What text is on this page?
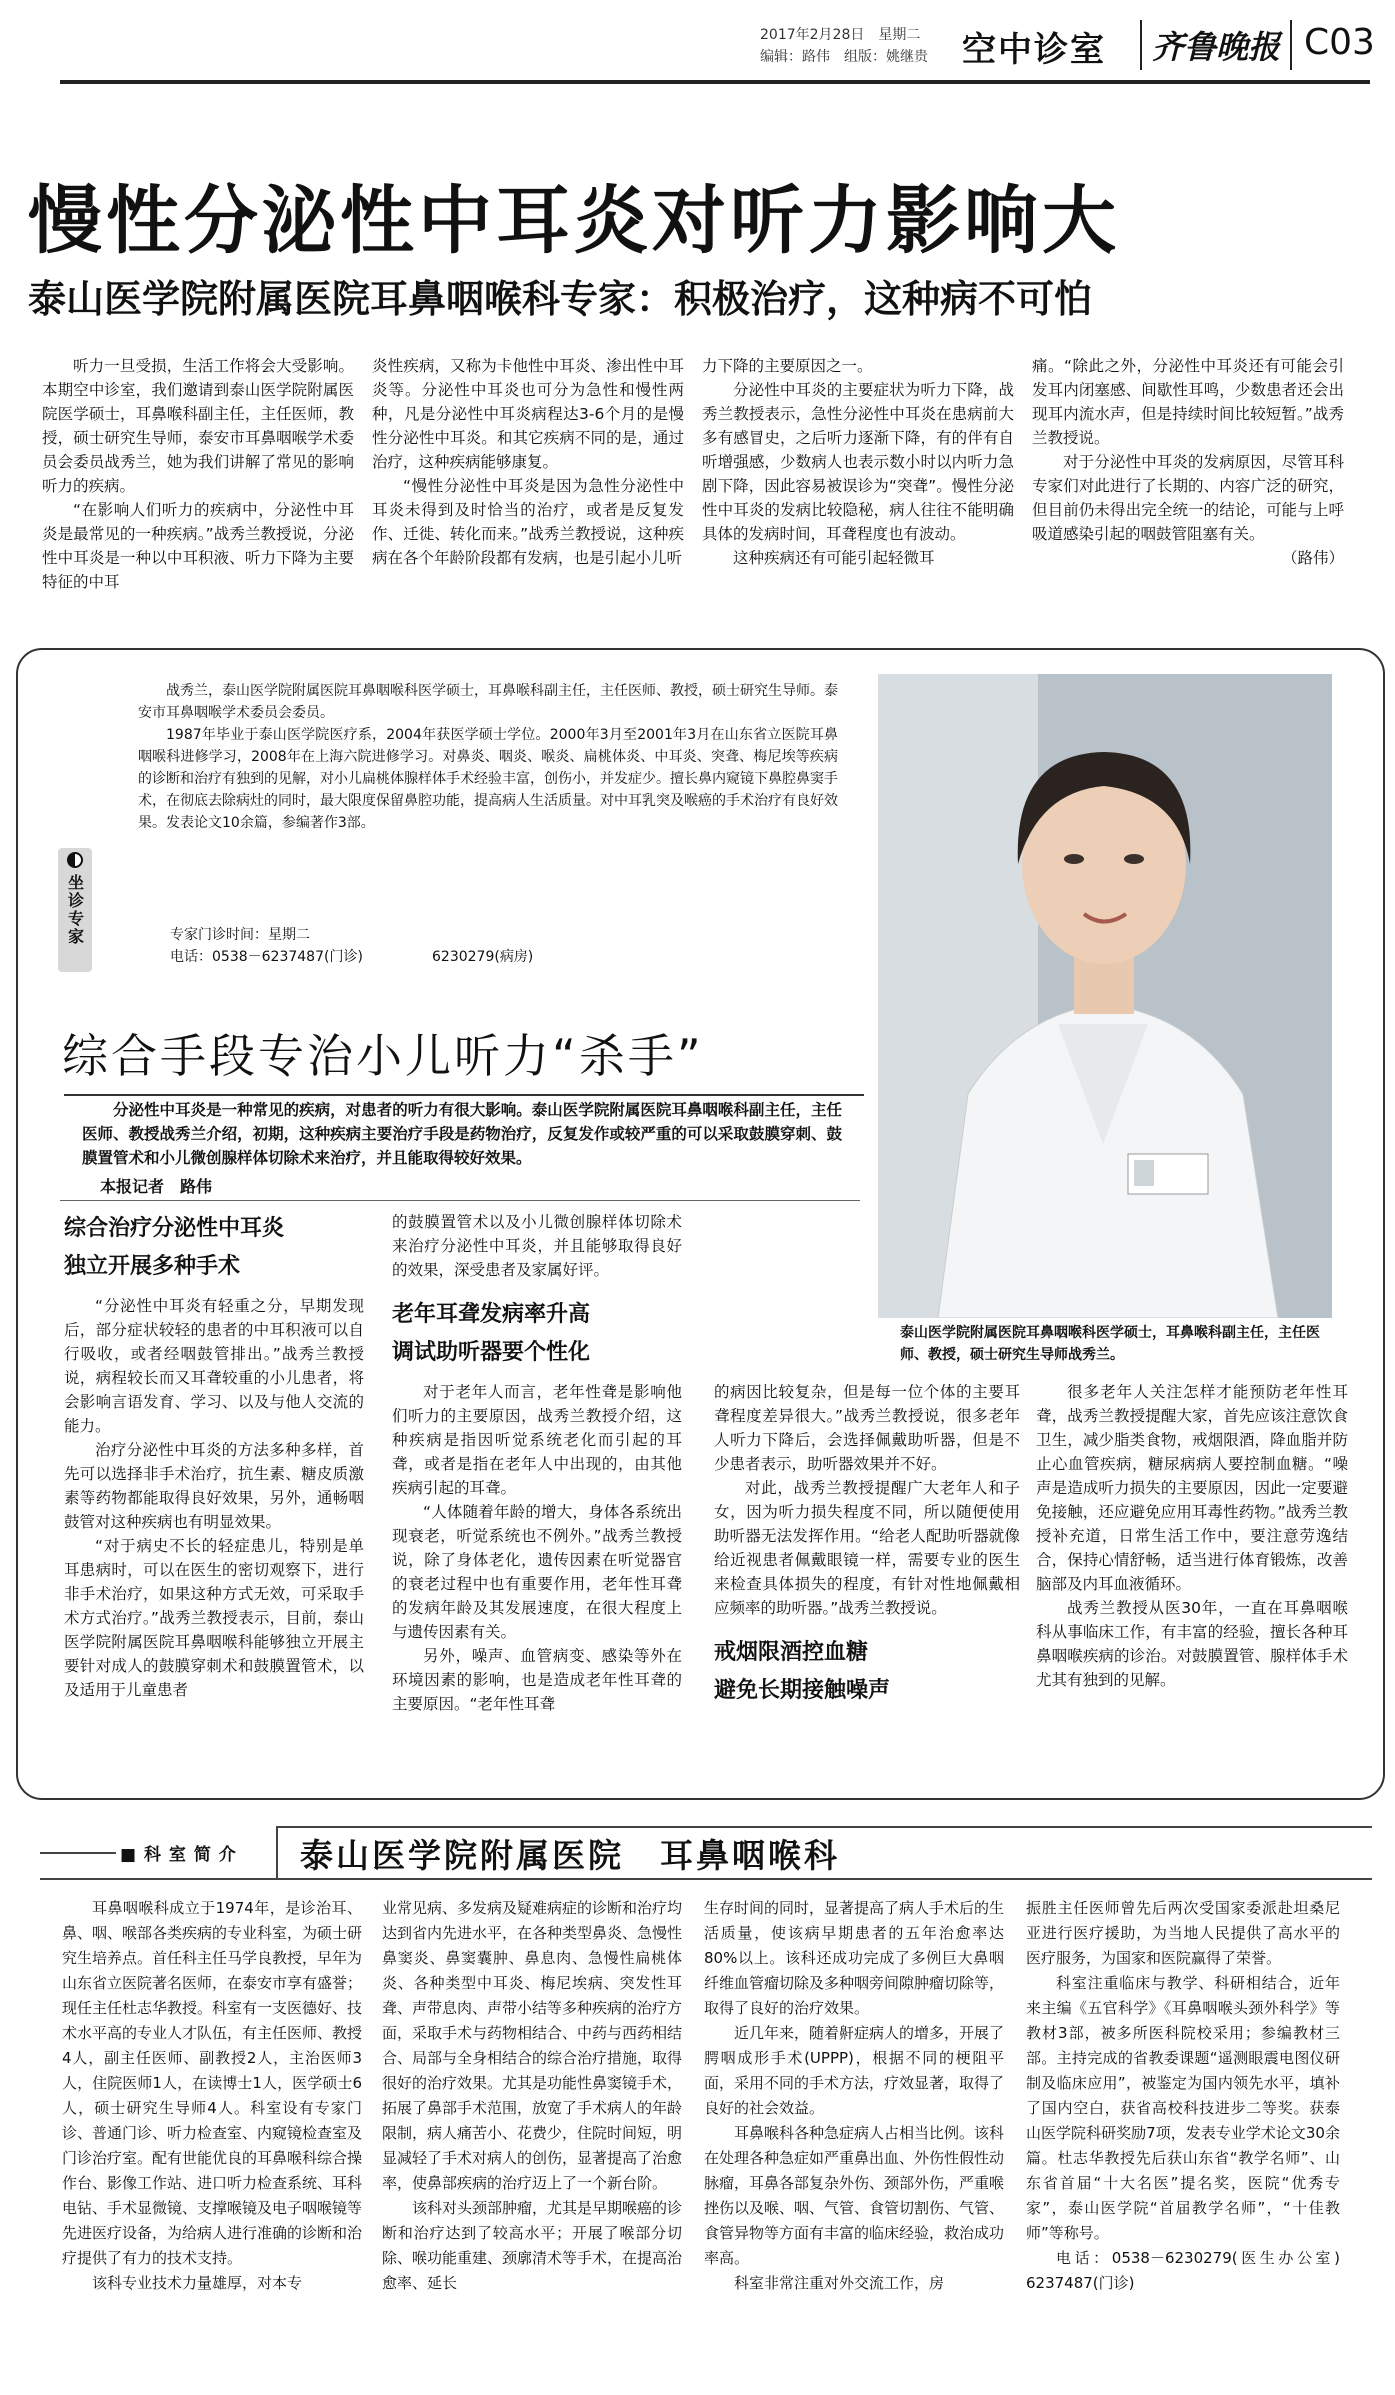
2017年2月28日　星期二
编辑：路伟　组版：姚继贵 空中诊室 齐鲁晚报 C03
慢性分泌性中耳炎对听力影响大
泰山医学院附属医院耳鼻咽喉科专家：积极治疗，这种病不可怕

听力一旦受损，生活工作将会大受影响。本期空中诊室，我们邀请到泰山医学院附属医院医学硕士，耳鼻喉科副主任，主任医师，教授，硕士研究生导师，泰安市耳鼻咽喉学术委员会委员战秀兰，她为我们讲解了常见的影响听力的疾病。

“在影响人们听力的疾病中，分泌性中耳炎是最常见的一种疾病。”战秀兰教授说，分泌性中耳炎是一种以中耳积液、听力下降为主要特征的中耳

炎性疾病，又称为卡他性中耳炎、渗出性中耳炎等。分泌性中耳炎也可分为急性和慢性两种，凡是分泌性中耳炎病程达3-6个月的是慢性分泌性中耳炎。和其它疾病不同的是，通过治疗，这种疾病能够康复。

“慢性分泌性中耳炎是因为急性分泌性中耳炎未得到及时恰当的治疗，或者是反复发作、迁徙、转化而来。”战秀兰教授说，这种疾病在各个年龄阶段都有发病，也是引起小儿听

力下降的主要原因之一。

分泌性中耳炎的主要症状为听力下降，战秀兰教授表示，急性分泌性中耳炎在患病前大多有感冒史，之后听力逐渐下降，有的伴有自听增强感，少数病人也表示数小时以内听力急剧下降，因此容易被误诊为“突聋”。慢性分泌性中耳炎的发病比较隐秘，病人往往不能明确具体的发病时间，耳聋程度也有波动。

这种疾病还有可能引起轻微耳

痛。“除此之外，分泌性中耳炎还有可能会引发耳内闭塞感、间歇性耳鸣，少数患者还会出现耳内流水声，但是持续时间比较短暂。”战秀兰教授说。

对于分泌性中耳炎的发病原因，尽管耳科专家们对此进行了长期的、内容广泛的研究，但目前仍未得出完全统一的结论，可能与上呼吸道感染引起的咽鼓管阻塞有关。

（路伟）
坐诊专家

战秀兰，泰山医学院附属医院耳鼻咽喉科医学硕士，耳鼻喉科副主任，主任医师、教授，硕士研究生导师。泰安市耳鼻咽喉学术委员会委员。

1987年毕业于泰山医学院医疗系，2004年获医学硕士学位。2000年3月至2001年3月在山东省立医院耳鼻咽喉科进修学习，2008年在上海六院进修学习。对鼻炎、咽炎、喉炎、扁桃体炎、中耳炎、突聋、梅尼埃等疾病的诊断和治疗有独到的见解，对小儿扁桃体腺样体手术经验丰富，创伤小，并发症少。擅长鼻内窥镜下鼻腔鼻窦手术，在彻底去除病灶的同时，最大限度保留鼻腔功能，提高病人生活质量。对中耳乳突及喉癌的手术治疗有良好效果。发表论文10余篇，参编著作3部。

专家门诊时间：星期二
电话：0538－6237487(门诊)	6230279(病房)
泰山医学院附属医院耳鼻咽喉科医学硕士，耳鼻喉科副主任，主任医师、教授，硕士研究生导师战秀兰。
综合手段专治小儿听力“杀手”
分泌性中耳炎是一种常见的疾病，对患者的听力有很大影响。泰山医学院附属医院耳鼻咽喉科副主任，主任医师、教授战秀兰介绍，初期，这种疾病主要治疗手段是药物治疗，反复发作或较严重的可以采取鼓膜穿刺、鼓膜置管术和小儿微创腺样体切除术来治疗，并且能取得较好效果。
本报记者　路伟
综合治疗分泌性中耳炎
独立开展多种手术

“分泌性中耳炎有轻重之分，早期发现后，部分症状较轻的患者的中耳积液可以自行吸收，或者经咽鼓管排出。”战秀兰教授说，病程较长而又耳聋较重的小儿患者，将会影响言语发育、学习、以及与他人交流的能力。

治疗分泌性中耳炎的方法多种多样，首先可以选择非手术治疗，抗生素、糖皮质激素等药物都能取得良好效果，另外，通畅咽鼓管对这种疾病也有明显效果。

“对于病史不长的轻症患儿，特别是单耳患病时，可以在医生的密切观察下，进行非手术治疗，如果这种方式无效，可采取手术方式治疗。”战秀兰教授表示，目前，泰山医学院附属医院耳鼻咽喉科能够独立开展主要针对成人的鼓膜穿刺术和鼓膜置管术，以及适用于儿童患者

的鼓膜置管术以及小儿微创腺样体切除术来治疗分泌性中耳炎，并且能够取得良好的效果，深受患者及家属好评。

老年耳聋发病率升高
调试助听器要个性化

对于老年人而言，老年性聋是影响他们听力的主要原因，战秀兰教授介绍，这种疾病是指因听觉系统老化而引起的耳聋，或者是指在老年人中出现的，由其他疾病引起的耳聋。

“人体随着年龄的增大，身体各系统出现衰老，听觉系统也不例外。”战秀兰教授说，除了身体老化，遗传因素在听觉器官的衰老过程中也有重要作用，老年性耳聋的发病年龄及其发展速度，在很大程度上与遗传因素有关。

另外，噪声、血管病变、感染等外在环境因素的影响，也是造成老年性耳聋的主要原因。“老年性耳聋

的病因比较复杂，但是每一位个体的主要耳聋程度差异很大。”战秀兰教授说，很多老年人听力下降后，会选择佩戴助听器，但是不少患者表示，助听器效果并不好。

对此，战秀兰教授提醒广大老年人和子女，因为听力损失程度不同，所以随便使用助听器无法发挥作用。“给老人配助听器就像给近视患者佩戴眼镜一样，需要专业的医生来检查具体损失的程度，有针对性地佩戴相应频率的助听器。”战秀兰教授说。

戒烟限酒控血糖
避免长期接触噪声

很多老年人关注怎样才能预防老年性耳聋，战秀兰教授提醒大家，首先应该注意饮食卫生，减少脂类食物，戒烟限酒，降血脂并防止心血管疾病，糖尿病病人要控制血糖。“噪声是造成听力损失的主要原因，因此一定要避免接触，还应避免应用耳毒性药物。”战秀兰教授补充道，日常生活工作中，要注意劳逸结合，保持心情舒畅，适当进行体育锻炼，改善脑部及内耳血液循环。

战秀兰教授从医30年，一直在耳鼻咽喉科从事临床工作，有丰富的经验，擅长各种耳鼻咽喉疾病的诊治。对鼓膜置管、腺样体手术尤其有独到的见解。

■ 科 室 简 介 泰山医学院附属医院　耳鼻咽喉科

耳鼻咽喉科成立于1974年，是诊治耳、鼻、咽、喉部各类疾病的专业科室，为硕士研究生培养点。首任科主任马学良教授，早年为山东省立医院著名医师，在泰安市享有盛誉；现任主任杜志华教授。科室有一支医德好、技术水平高的专业人才队伍，有主任医师、教授4人，副主任医师、副教授2人，主治医师3人，住院医师1人，在读博士1人，医学硕士6人，硕士研究生导师4人。科室设有专家门诊、普通门诊、听力检查室、内窥镜检查室及门诊治疗室。配有世能优良的耳鼻喉科综合操作台、影像工作站、进口听力检查系统、耳科电钻、手术显微镜、支撑喉镜及电子咽喉镜等先进医疗设备，为给病人进行准确的诊断和治疗提供了有力的技术支持。

该科专业技术力量雄厚，对本专

业常见病、多发病及疑难病症的诊断和治疗均达到省内先进水平，在各种类型鼻炎、急慢性鼻窦炎、鼻窦囊肿、鼻息肉、急慢性扁桃体炎、各种类型中耳炎、梅尼埃病、突发性耳聋、声带息肉、声带小结等多种疾病的治疗方面，采取手术与药物相结合、中药与西药相结合、局部与全身相结合的综合治疗措施，取得很好的治疗效果。尤其是功能性鼻窦镜手术，拓展了鼻部手术范围，放宽了手术病人的年龄限制，病人痛苦小、花费少，住院时间短，明显减轻了手术对病人的创伤，显著提高了治愈率，使鼻部疾病的治疗迈上了一个新台阶。

该科对头颈部肿瘤，尤其是早期喉癌的诊断和治疗达到了较高水平；开展了喉部分切除、喉功能重建、颈廓清术等手术，在提高治愈率、延长

生存时间的同时，显著提高了病人手术后的生活质量，使该病早期患者的五年治愈率达80%以上。该科还成功完成了多例巨大鼻咽纤维血管瘤切除及多种咽旁间隙肿瘤切除等，取得了良好的治疗效果。

近几年来，随着鼾症病人的增多，开展了腭咽成形手术(UPPP)，根据不同的梗阻平面，采用不同的手术方法，疗效显著，取得了良好的社会效益。

耳鼻喉科各种急症病人占相当比例。该科在处理各种急症如严重鼻出血、外伤性假性动脉瘤，耳鼻各部复杂外伤、颈部外伤，严重喉挫伤以及喉、咽、气管、食管切割伤、气管、食管异物等方面有丰富的临床经验，救治成功率高。

科室非常注重对外交流工作，房

振胜主任医师曾先后两次受国家委派赴坦桑尼亚进行医疗援助，为当地人民提供了高水平的医疗服务，为国家和医院赢得了荣誉。

科室注重临床与教学、科研相结合，近年来主编《五官科学》《耳鼻咽喉头颈外科学》等教材3部，被多所医科院校采用；参编教材三部。主持完成的省教委课题“遥测眼震电图仪研制及临床应用”，被鉴定为国内领先水平，填补了国内空白，获省高校科技进步二等奖。获泰山医学院科研奖励7项，发表专业学术论文30余篇。杜志华教授先后获山东省“教学名师”、山东省首届“十大名医”提名奖，医院“优秀专家”，泰山医学院“首届教学名师”，“十佳教师”等称号。

电话：0538－6230279(医生办公室)　6237487(门诊)
